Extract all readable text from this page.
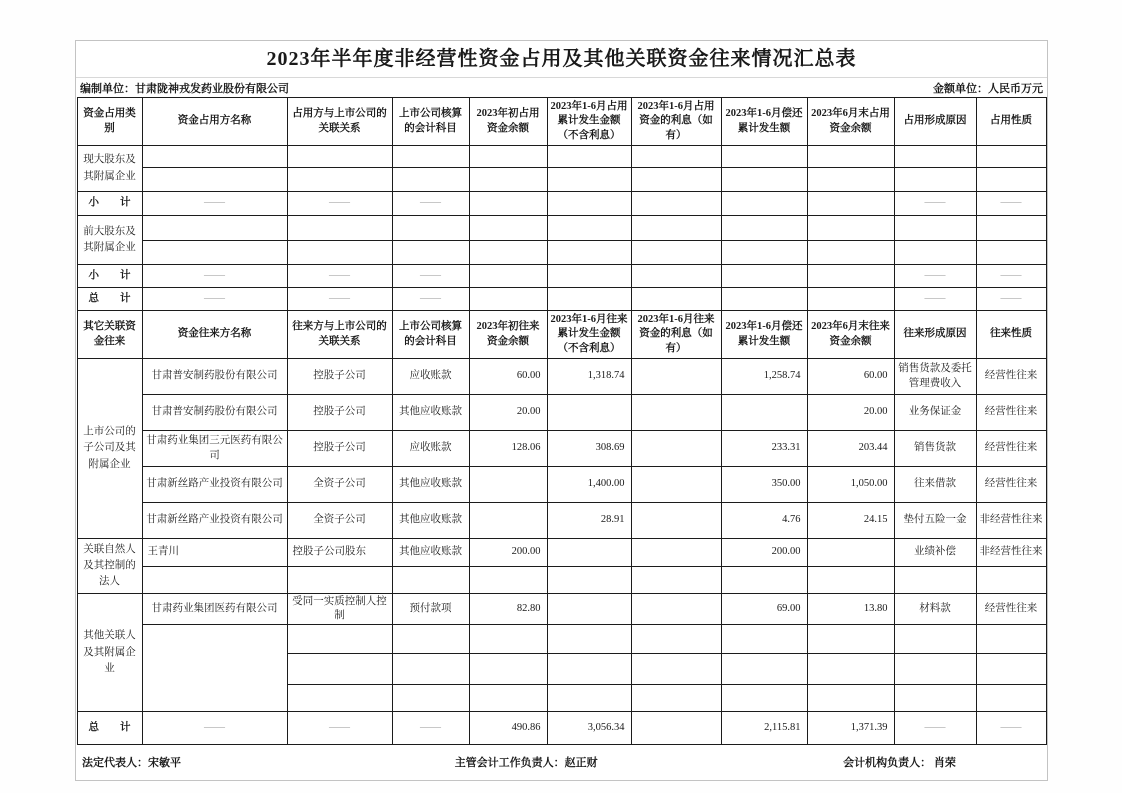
2023年半年度非经营性资金占用及其他关联资金往来情况汇总表
编制单位：甘肃陇神戎发药业股份有限公司	金额单位：人民币万元
资金占用类别	资金占用方名称	占用方与上市公司的关联关系	上市公司核算的会计科目	2023年初占用资金余额	2023年1-6月占用累计发生金额（不含利息）	2023年1-6月占用资金的利息（如有）	2023年1-6月偿还累计发生额	2023年6月末占用资金余额	占用形成原因	占用性质
现大股东及其附属企业										

小　　计	——	——	——						——	——
前大股东及其附属企业										

小　　计	——	——	——						——	——
总　　计	——	——	——						——	——
其它关联资金往来	资金往来方名称	往来方与上市公司的关联关系	上市公司核算的会计科目	2023年初往来资金余额	2023年1-6月往来累计发生金额（不含利息）	2023年1-6月往来资金的利息（如有）	2023年1-6月偿还累计发生额	2023年6月末往来资金余额	往来形成原因	往来性质
上市公司的子公司及其附属企业	甘肃普安制药股份有限公司	控股子公司	应收账款	60.00	1,318.74		1,258.74	60.00	销售货款及委托管理费收入	经营性往来
	甘肃普安制药股份有限公司	控股子公司	其他应收账款	20.00				20.00	业务保证金	经营性往来
	甘肃药业集团三元医药有限公司	控股子公司	应收账款	128.06	308.69		233.31	203.44	销售货款	经营性往来
	甘肃新丝路产业投资有限公司	全资子公司	其他应收账款		1,400.00		350.00	1,050.00	往来借款	经营性往来
	甘肃新丝路产业投资有限公司	全资子公司	其他应收账款		28.91		4.76	24.15	垫付五险一金	非经营性往来
关联自然人及其控制的法人	王青川	控股子公司股东	其他应收账款	200.00			200.00		业绩补偿	非经营性往来

其他关联人及其附属企业	甘肃药业集团医药有限公司	受同一实质控制人控制	预付款项	82.80			69.00	13.80	材料款	经营性往来

总　　计	——	——	——	490.86	3,056.34		2,115.81	1,371.39	——	——
法定代表人：宋敏平	主管会计工作负责人：赵正财	会计机构负责人： 肖荣
